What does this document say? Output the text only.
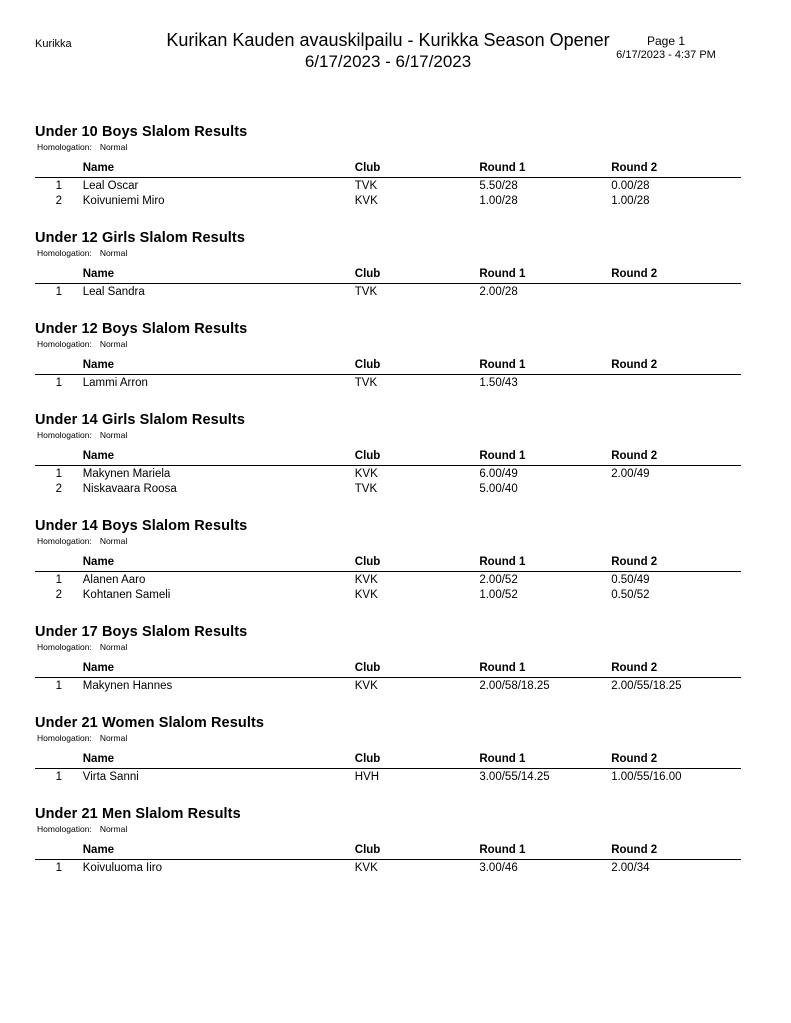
Kurikka	Kurikan Kauden avauskilpailu - Kurikka Season Opener
6/17/2023 - 6/17/2023
Page 1
6/17/2023 - 4:37 PM
Under 10 Boys Slalom Results
Homologation: Normal
	Name	Club	Round 1	Round 2
1	Leal Oscar	TVK	5.50/28	0.00/28
2	Koivuniemi Miro	KVK	1.00/28	1.00/28
Under 12 Girls Slalom Results
Homologation: Normal
	Name	Club	Round 1	Round 2
1	Leal Sandra	TVK	2.00/28	
Under 12 Boys Slalom Results
Homologation: Normal
	Name	Club	Round 1	Round 2
1	Lammi Arron	TVK	1.50/43	
Under 14 Girls Slalom Results
Homologation: Normal
	Name	Club	Round 1	Round 2
1	Makynen Mariela	KVK	6.00/49	2.00/49
2	Niskavaara Roosa	TVK	5.00/40	
Under 14 Boys Slalom Results
Homologation: Normal
	Name	Club	Round 1	Round 2
1	Alanen Aaro	KVK	2.00/52	0.50/49
2	Kohtanen Sameli	KVK	1.00/52	0.50/52
Under 17 Boys Slalom Results
Homologation: Normal
	Name	Club	Round 1	Round 2
1	Makynen Hannes	KVK	2.00/58/18.25	2.00/55/18.25
Under 21 Women Slalom Results
Homologation: Normal
	Name	Club	Round 1	Round 2
1	Virta Sanni	HVH	3.00/55/14.25	1.00/55/16.00
Under 21 Men Slalom Results
Homologation: Normal
	Name	Club	Round 1	Round 2
1	Koivuluoma Iiro	KVK	3.00/46	2.00/34
